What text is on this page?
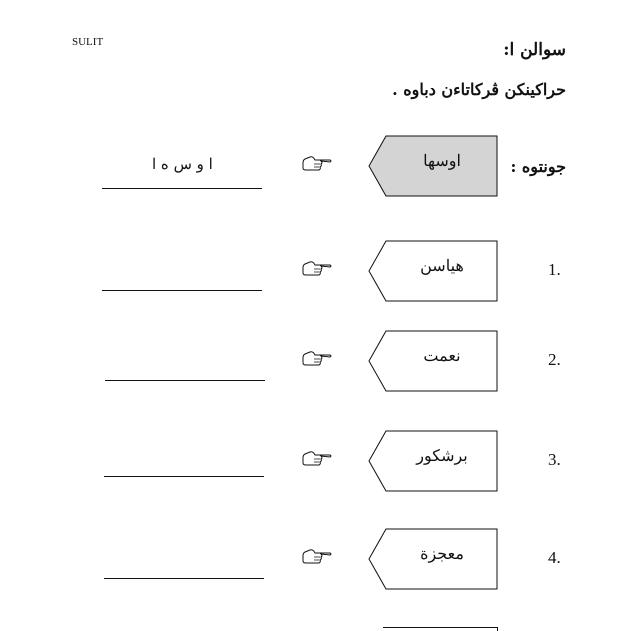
SULIT	سوالن ا:
حراکينکن ڤرکاتاءن دباوه .
جونتوه :
اوسها
ا و س ه ا
1.
هياسن
2.
نعمت
3.
برشکور
4.
معجزة
